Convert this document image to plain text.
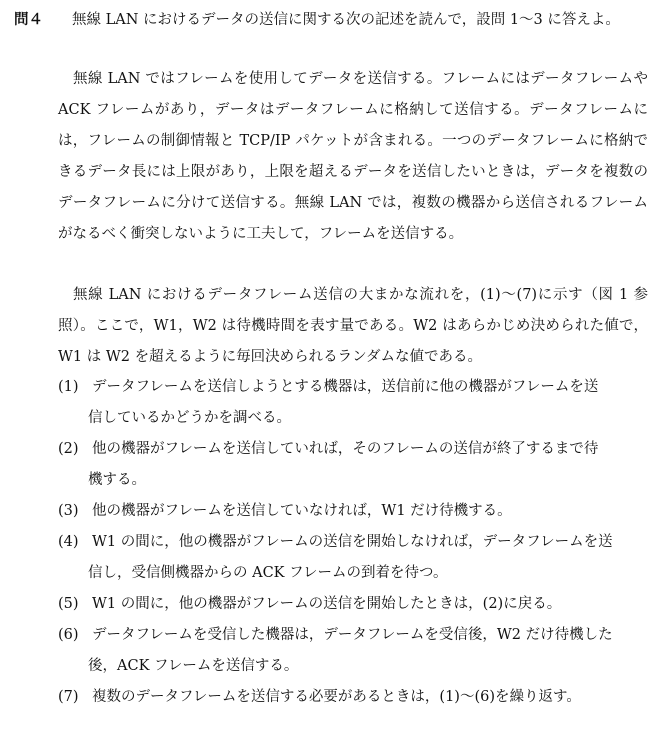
問４ 無線 LAN におけるデータの送信に関する次の記述を読んで，設問 1～3 に答えよ。

無線 LAN ではフレームを使用してデータを送信する。フレームにはデータフレームや ACK フレームがあり，データはデータフレームに格納して送信する。データフレームには，フレームの制御情報と TCP/IP パケットが含まれる。一つのデータフレームに格納できるデータ長には上限があり，上限を超えるデータを送信したいときは，データを複数のデータフレームに分けて送信する。無線 LAN では，複数の機器から送信されるフレームがなるべく衝突しないように工夫して，フレームを送信する。

無線 LAN におけるデータフレーム送信の大まかな流れを，(1)～(7)に示す（図 1 参照）。ここで，W1，W2 は待機時間を表す量である。W2 はあらかじめ決められた値で，W1 は W2 を超えるように毎回決められるランダムな値である。

(1) データフレームを送信しようとする機器は，送信前に他の機器がフレームを送
信しているかどうかを調べる。
(2) 他の機器がフレームを送信していれば，そのフレームの送信が終了するまで待
機する。
(3) 他の機器がフレームを送信していなければ，W1 だけ待機する。
(4) W1 の間に，他の機器がフレームの送信を開始しなければ，データフレームを送
信し，受信側機器からの ACK フレームの到着を待つ。
(5) W1 の間に，他の機器がフレームの送信を開始したときは，(2)に戻る。
(6) データフレームを受信した機器は，データフレームを受信後，W2 だけ待機した
後，ACK フレームを送信する。
(7) 複数のデータフレームを送信する必要があるときは，(1)～(6)を繰り返す。
